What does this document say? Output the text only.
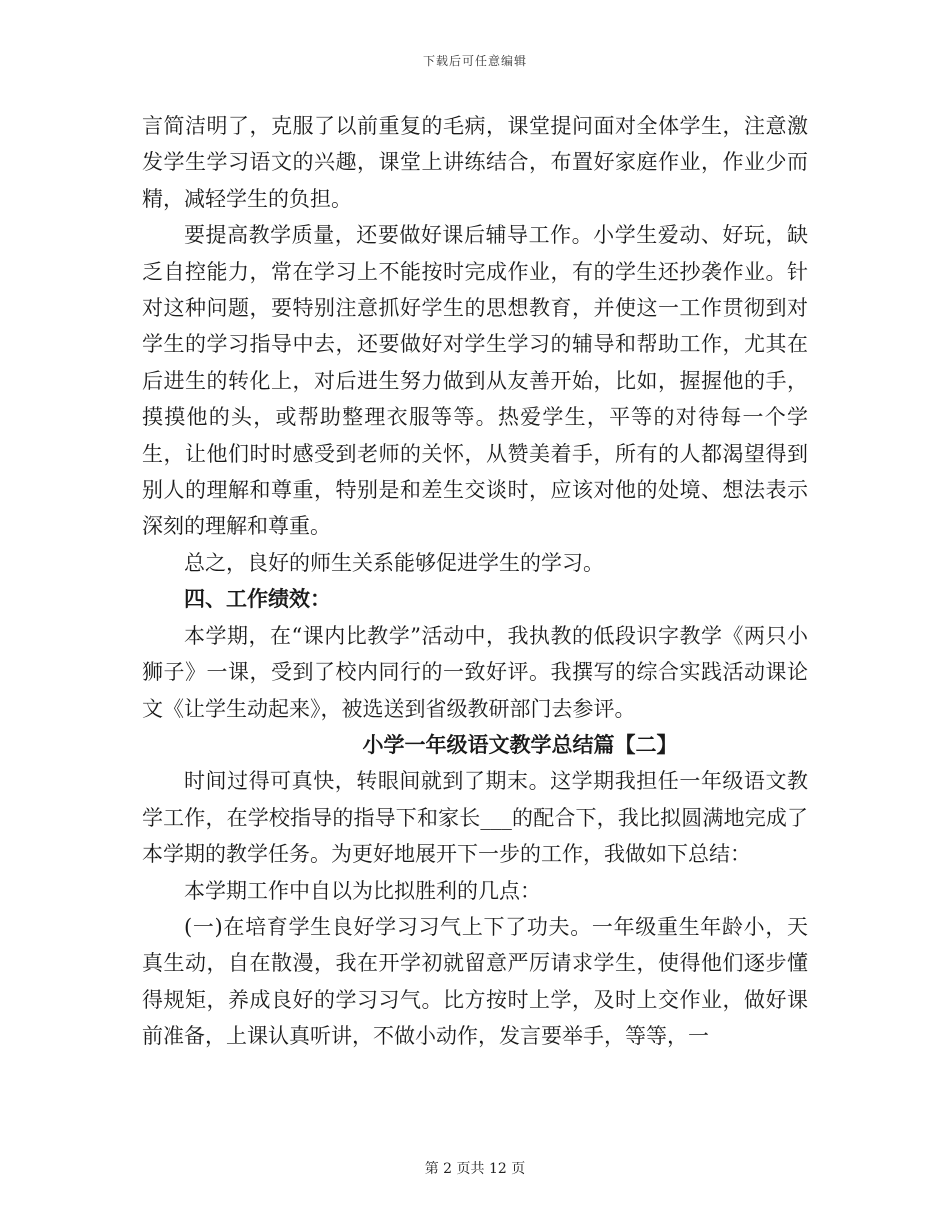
下载后可任意编辑

言简洁明了，克服了以前重复的毛病，课堂提问面对全体学生，注意激发学生学习语文的兴趣，课堂上讲练结合，布置好家庭作业，作业少而精，减轻学生的负担。

要提高教学质量，还要做好课后辅导工作。小学生爱动、好玩，缺乏自控能力，常在学习上不能按时完成作业，有的学生还抄袭作业。针对这种问题，要特别注意抓好学生的思想教育，并使这一工作贯彻到对学生的学习指导中去，还要做好对学生学习的辅导和帮助工作，尤其在后进生的转化上，对后进生努力做到从友善开始，比如，握握他的手，摸摸他的头，或帮助整理衣服等等。热爱学生，平等的对待每一个学生，让他们时时感受到老师的关怀，从赞美着手，所有的人都渴望得到别人的理解和尊重，特别是和差生交谈时，应该对他的处境、想法表示深刻的理解和尊重。

总之，良好的师生关系能够促进学生的学习。

四、工作绩效：

本学期，在“课内比教学”活动中，我执教的低段识字教学《两只小狮子》一课，受到了校内同行的一致好评。我撰写的综合实践活动课论文《让学生动起来》，被选送到省级教研部门去参评。

小学一年级语文教学总结篇【二】

时间过得可真快，转眼间就到了期末。这学期我担任一年级语文教学工作，在学校指导的指导下和家长___的配合下，我比拟圆满地完成了本学期的教学任务。为更好地展开下一步的工作，我做如下总结：

本学期工作中自以为比拟胜利的几点：

(一)在培育学生良好学习习气上下了功夫。一年级重生年龄小，天真生动，自在散漫，我在开学初就留意严厉请求学生，使得他们逐步懂得规矩，养成良好的学习习气。比方按时上学，及时上交作业，做好课前准备，上课认真听讲，不做小动作，发言要举手，等等，一

第 2 页共 12 页
